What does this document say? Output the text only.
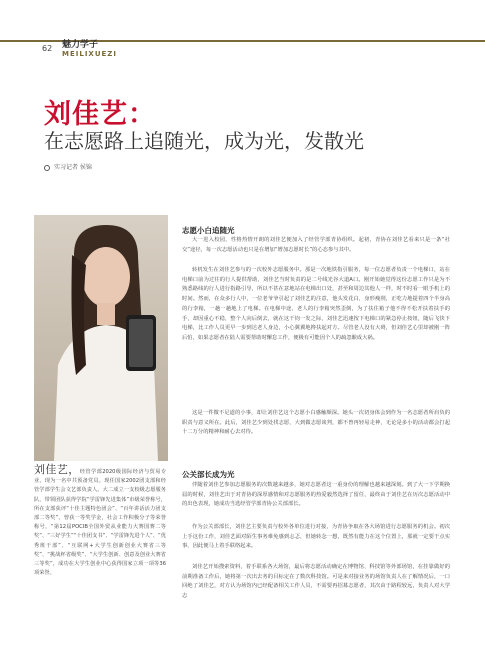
魅力学子
MEILIXUEZI
62
刘佳艺：
在志愿路上追随光，成为光，发散光
实习记者 侯锦
刘佳艺，经管学部2020级国际经济与贸易专业，现为一名中共预备党员。现任国家2002团支部和经管学部学生会文艺部负责人。大二成立一支校级志愿服务队，带领团队获得学院“学雷锋先进集体”市级荣誉称号，所在支部获评“十佳主题特色团会”、“百年讲话活力团支部二等奖”，曾获一等奖学金，社会工作积极分子等荣誉称号，“第12届POCIB全国外贸从业能力大赛国赛二等奖”、“三好学生”“十佳团支书”、“学雷锋先进个人”、“优秀班干部”、“互联网+大学生创新创业大赛省三等奖”、“挑战杯省级奖”、“大学生创新、创意及创业大赛省三等奖”，成功在大学生创业中心获得国家立项一项等36项荣誉。
志愿小白追随光
大一进入校园，性格热情开朗的刘佳艺便加入了经管学部青协组织。起初，青协在刘佳艺看来只是一条“社交”途径，每一次志愿活动也只是在增加“增加志愿时长”的心态参与其中。
转机发生在刘佳艺参与的一次校外志愿服务中。那是一次地铁指引服务，每一位志愿者负责一个电梯口，站在电梯口前为过往的行人提供帮助，刘佳艺当时负责的是二号线光谷大道A口。刚开始她觉得这份志愿工作只是为不熟悉路线的行人进行指路引导，所以不甚在意地站在电梯出口处，甚至和周边其他人一样，时不时看一眼手机上的时间。然而，在众多行人中，一位老爷爷引起了刘佳艺的注意，他头发花白，身形瘦削，正吃力地提着四个半身高的行李箱，一趟一趟地上了电梯。在电梯中途，老人的行李箱突然歪倒，为了扶住箱子他不得不松开扶着扶手的手，却因重心不稳，整个人向后倒去，就在这千钧一发之际，刘佳艺迅速按下电梯口的紧急停止按钮，随后飞快下电梯，比工作人员更早一步到达老人身边，小心翼翼地搀扶起对方。尽管老人没有大碍，但刘佳艺心里却被刚一阵后怕，如果志愿者在陆人需要帮助时懈怠工作，便极有可能因个人的疏忽酿成大祸。
这是一件微不足道的小事，却让刘佳艺这个志愿小白感触颇深。她头一次切身体会到作为一名志愿者所肩负的职责与意义所在。此后，刘佳艺少到处找志愿，大到做志愿谈判，都不曾再轻易走神，无论是多小的活动都会打起十二万分的精神和耐心去对待。
公关部长成为光
伴随着刘佳艺参加志愿服务的次数越来越多，她对志愿者这一重身份的理解也越来越深刻。到了大一下学期换届的时候，刘佳艺出于对青协的深厚感情和对志愿服务的热爱毅然选择了留任，最终由于刘佳艺在历次志愿活动中的出色表现，她成功当选经管学部青协公关部部长。
作为公关部部长，刘佳艺主要负责与校外各单位进行对接，为青协争取在各大场馆进行志愿服务的机会。初次上手这份工作，刘佳艺面对陌生事务难免感到忐忑，但她转念一想，既然有能力在这个位置上，那就一定要干点实事，因此便马上着手联络起来。
刘佳艺开始搜索资料，着手联系各大场馆，最后将志愿活动确定在博物馆、科技馆等外部场馆，在挂靠做好的前期准备工作后，她将第一次出去务的目标定在了数次科技馆。可是来对接业务的场馆负责人在了解情况后，一口回绝了刘佳艺，对方认为场馆内已经配备相关工作人员，不需要再招募志愿者，其次由于路程较远，负责人对大学志
